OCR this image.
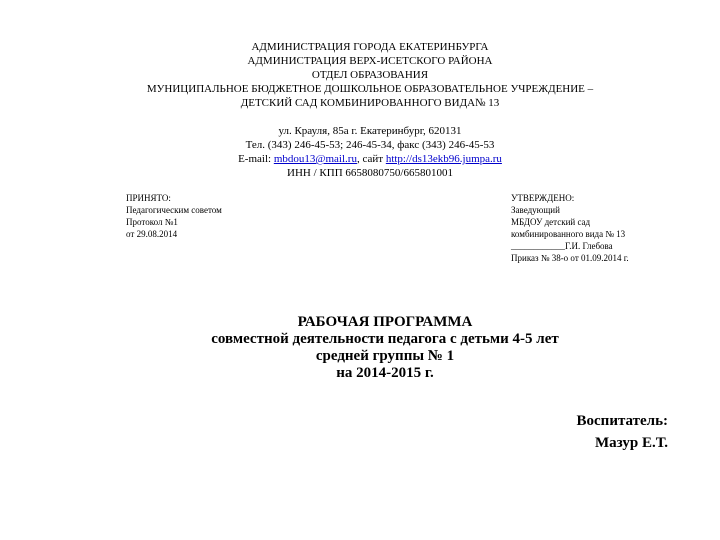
АДМИНИСТРАЦИЯ ГОРОДА ЕКАТЕРИНБУРГА
АДМИНИСТРАЦИЯ ВЕРХ-ИСЕТСКОГО РАЙОНА
ОТДЕЛ ОБРАЗОВАНИЯ
МУНИЦИПАЛЬНОЕ БЮДЖЕТНОЕ ДОШКОЛЬНОЕ ОБРАЗОВАТЕЛЬНОЕ УЧРЕЖДЕНИЕ –
ДЕТСКИЙ САД КОМБИНИРОВАННОГО ВИДА№ 13
ул. Крауля, 85а г. Екатеринбург, 620131
Тел. (343) 246-45-53; 246-45-34, факс (343) 246-45-53
E-mail: mbdou13@mail.ru, сайт http://ds13ekb96.jumpa.ru
ИНН / КПП 6658080750/665801001
ПРИНЯТО:
Педагогическим советом
Протокол №1
от 29.08.2014
УТВЕРЖДЕНО:
Заведующий
МБДОУ детский сад
комбинированного вида № 13
____________Г.И. Глебова
Приказ № 38-о от 01.09.2014 г.
РАБОЧАЯ ПРОГРАММА
совместной деятельности педагога с детьми 4-5 лет
средней группы № 1
на 2014-2015 г.
Воспитатель:
Мазур Е.Т.
